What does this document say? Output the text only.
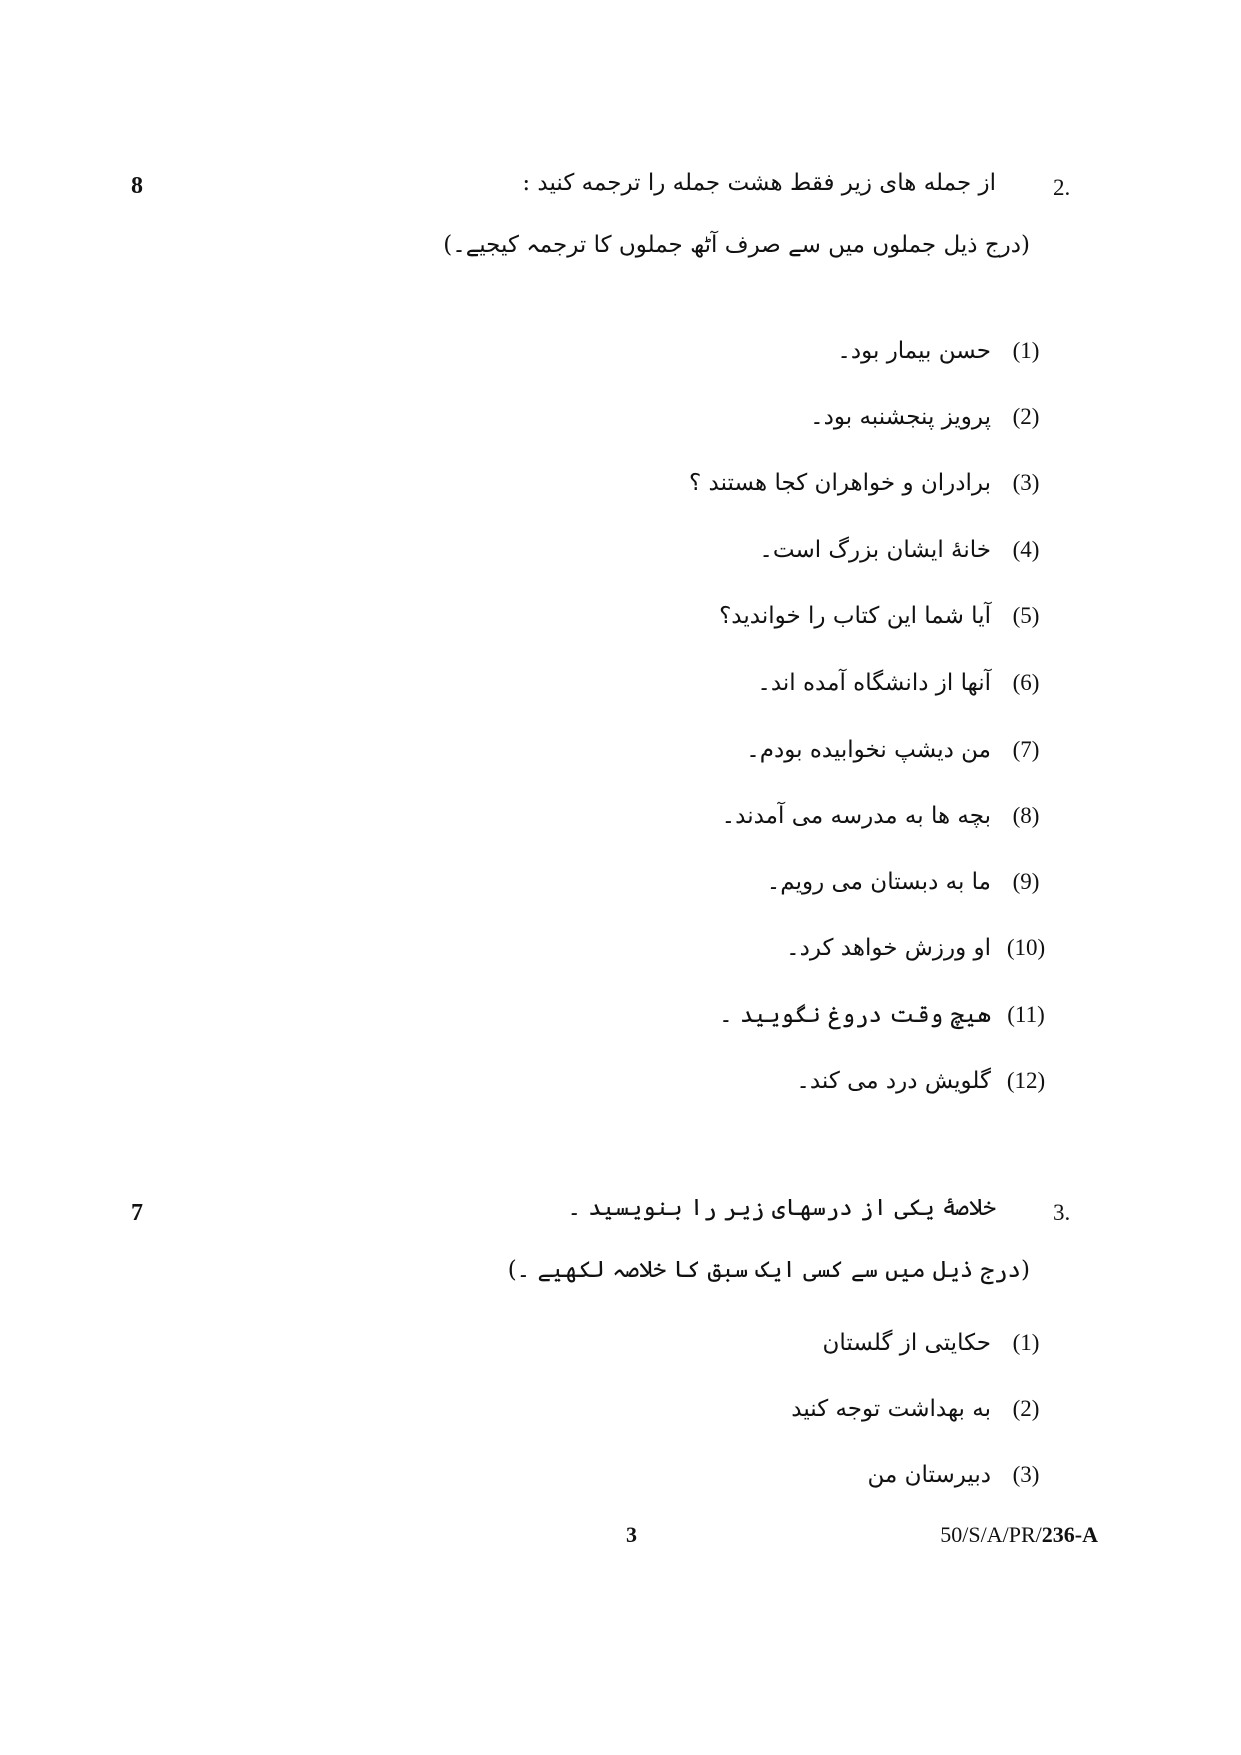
8	2.
از جمله های زیر فقط هشت جمله را ترجمه کنید :
(درج ذیل جملوں میں سے صرف آٹھ جملوں کا ترجمہ کیجیے۔)
(1)حسن بیمار بود۔
(2)پرویز پنجشنبه بود۔
(3)برادران و خواهران کجا هستند ؟
(4)خانهٔ ایشان بزرگ است۔
(5)آیا شما این کتاب را خواندید؟
(6)آنها از دانشگاه آمده اند۔
(7)من دیشپ نخوابیده بودم۔
(8)بچه ها به مدرسه می آمدند۔
(9)ما به دبستان می رویم۔
(10)او ورزش خواهد کرد۔
(11)هیچ وقت دروغ نگویید ۔
(12)گلویش درد می کند۔
7	3.
خلاصهٔ یکی از درسهای زیر را بنویسید ۔
(درج ذیل میں سے کسی ایک سبق کا خلاصہ لکھیے ۔)
(1)حکایتی از گلستان
(2)به بهداشت توجه کنید
(3)دبیرستان من
3	50/S/A/PR/236-A
